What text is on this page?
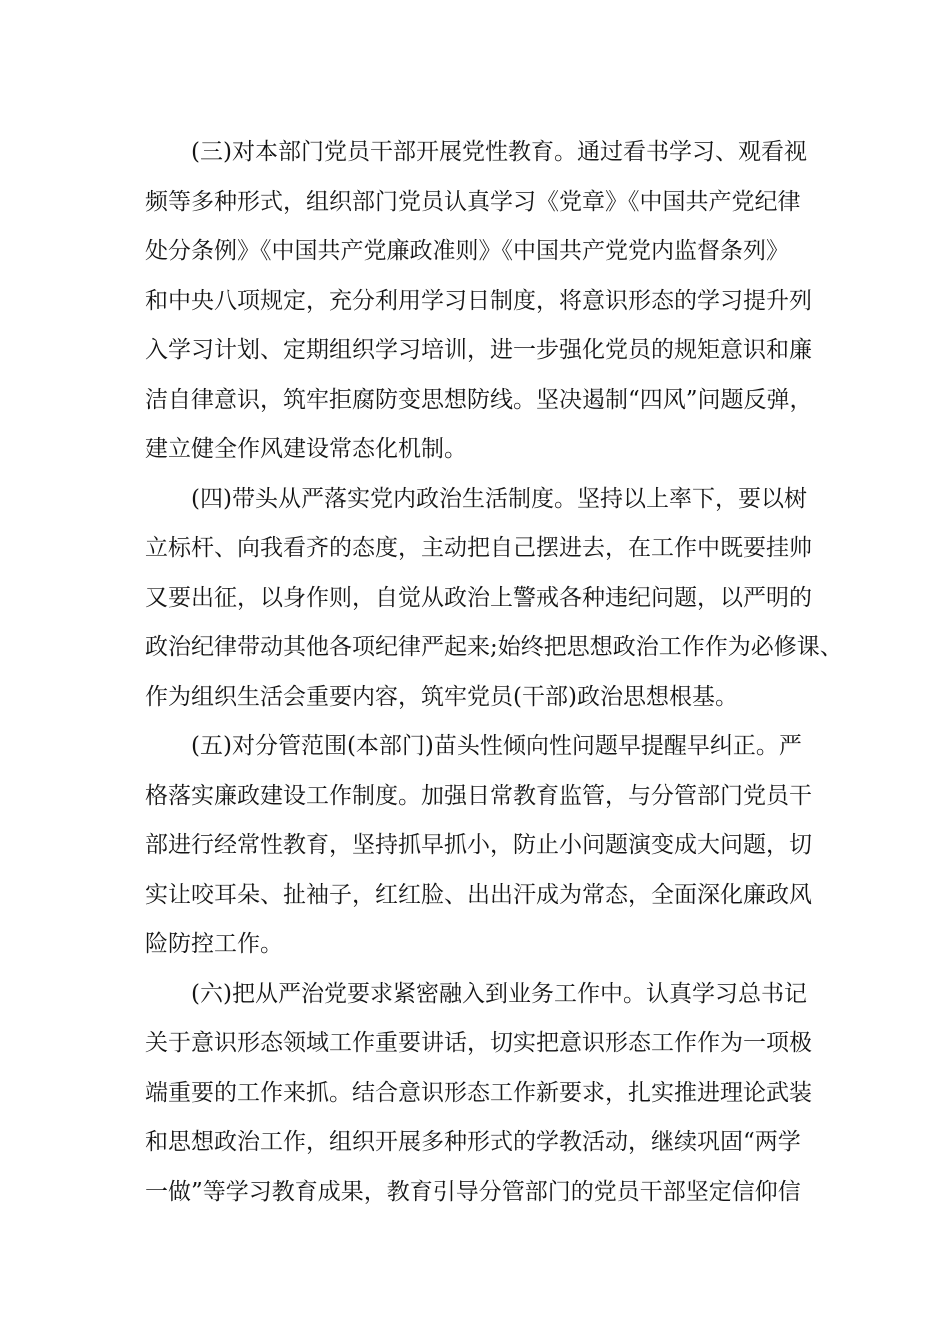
(三)对本部门党员干部开展党性教育。通过看书学习、观看视
频等多种形式，组织部门党员认真学习《党章》《中国共产党纪律
处分条例》《中国共产党廉政准则》《中国共产党党内监督条列》
和中央八项规定，充分利用学习日制度，将意识形态的学习提升列
入学习计划、定期组织学习培训，进一步强化党员的规矩意识和廉
洁自律意识，筑牢拒腐防变思想防线。坚决遏制“四风”问题反弹，
建立健全作风建设常态化机制。
(四)带头从严落实党内政治生活制度。坚持以上率下，要以树
立标杆、向我看齐的态度，主动把自己摆进去，在工作中既要挂帅
又要出征，以身作则，自觉从政治上警戒各种违纪问题，以严明的
政治纪律带动其他各项纪律严起来;始终把思想政治工作作为必修课、
作为组织生活会重要内容，筑牢党员(干部)政治思想根基。
(五)对分管范围(本部门)苗头性倾向性问题早提醒早纠正。严
格落实廉政建设工作制度。加强日常教育监管，与分管部门党员干
部进行经常性教育，坚持抓早抓小，防止小问题演变成大问题，切
实让咬耳朵、扯袖子，红红脸、出出汗成为常态，全面深化廉政风
险防控工作。
(六)把从严治党要求紧密融入到业务工作中。认真学习总书记
关于意识形态领域工作重要讲话，切实把意识形态工作作为一项极
端重要的工作来抓。结合意识形态工作新要求，扎实推进理论武装
和思想政治工作，组织开展多种形式的学教活动，继续巩固“两学
一做”等学习教育成果，教育引导分管部门的党员干部坚定信仰信
